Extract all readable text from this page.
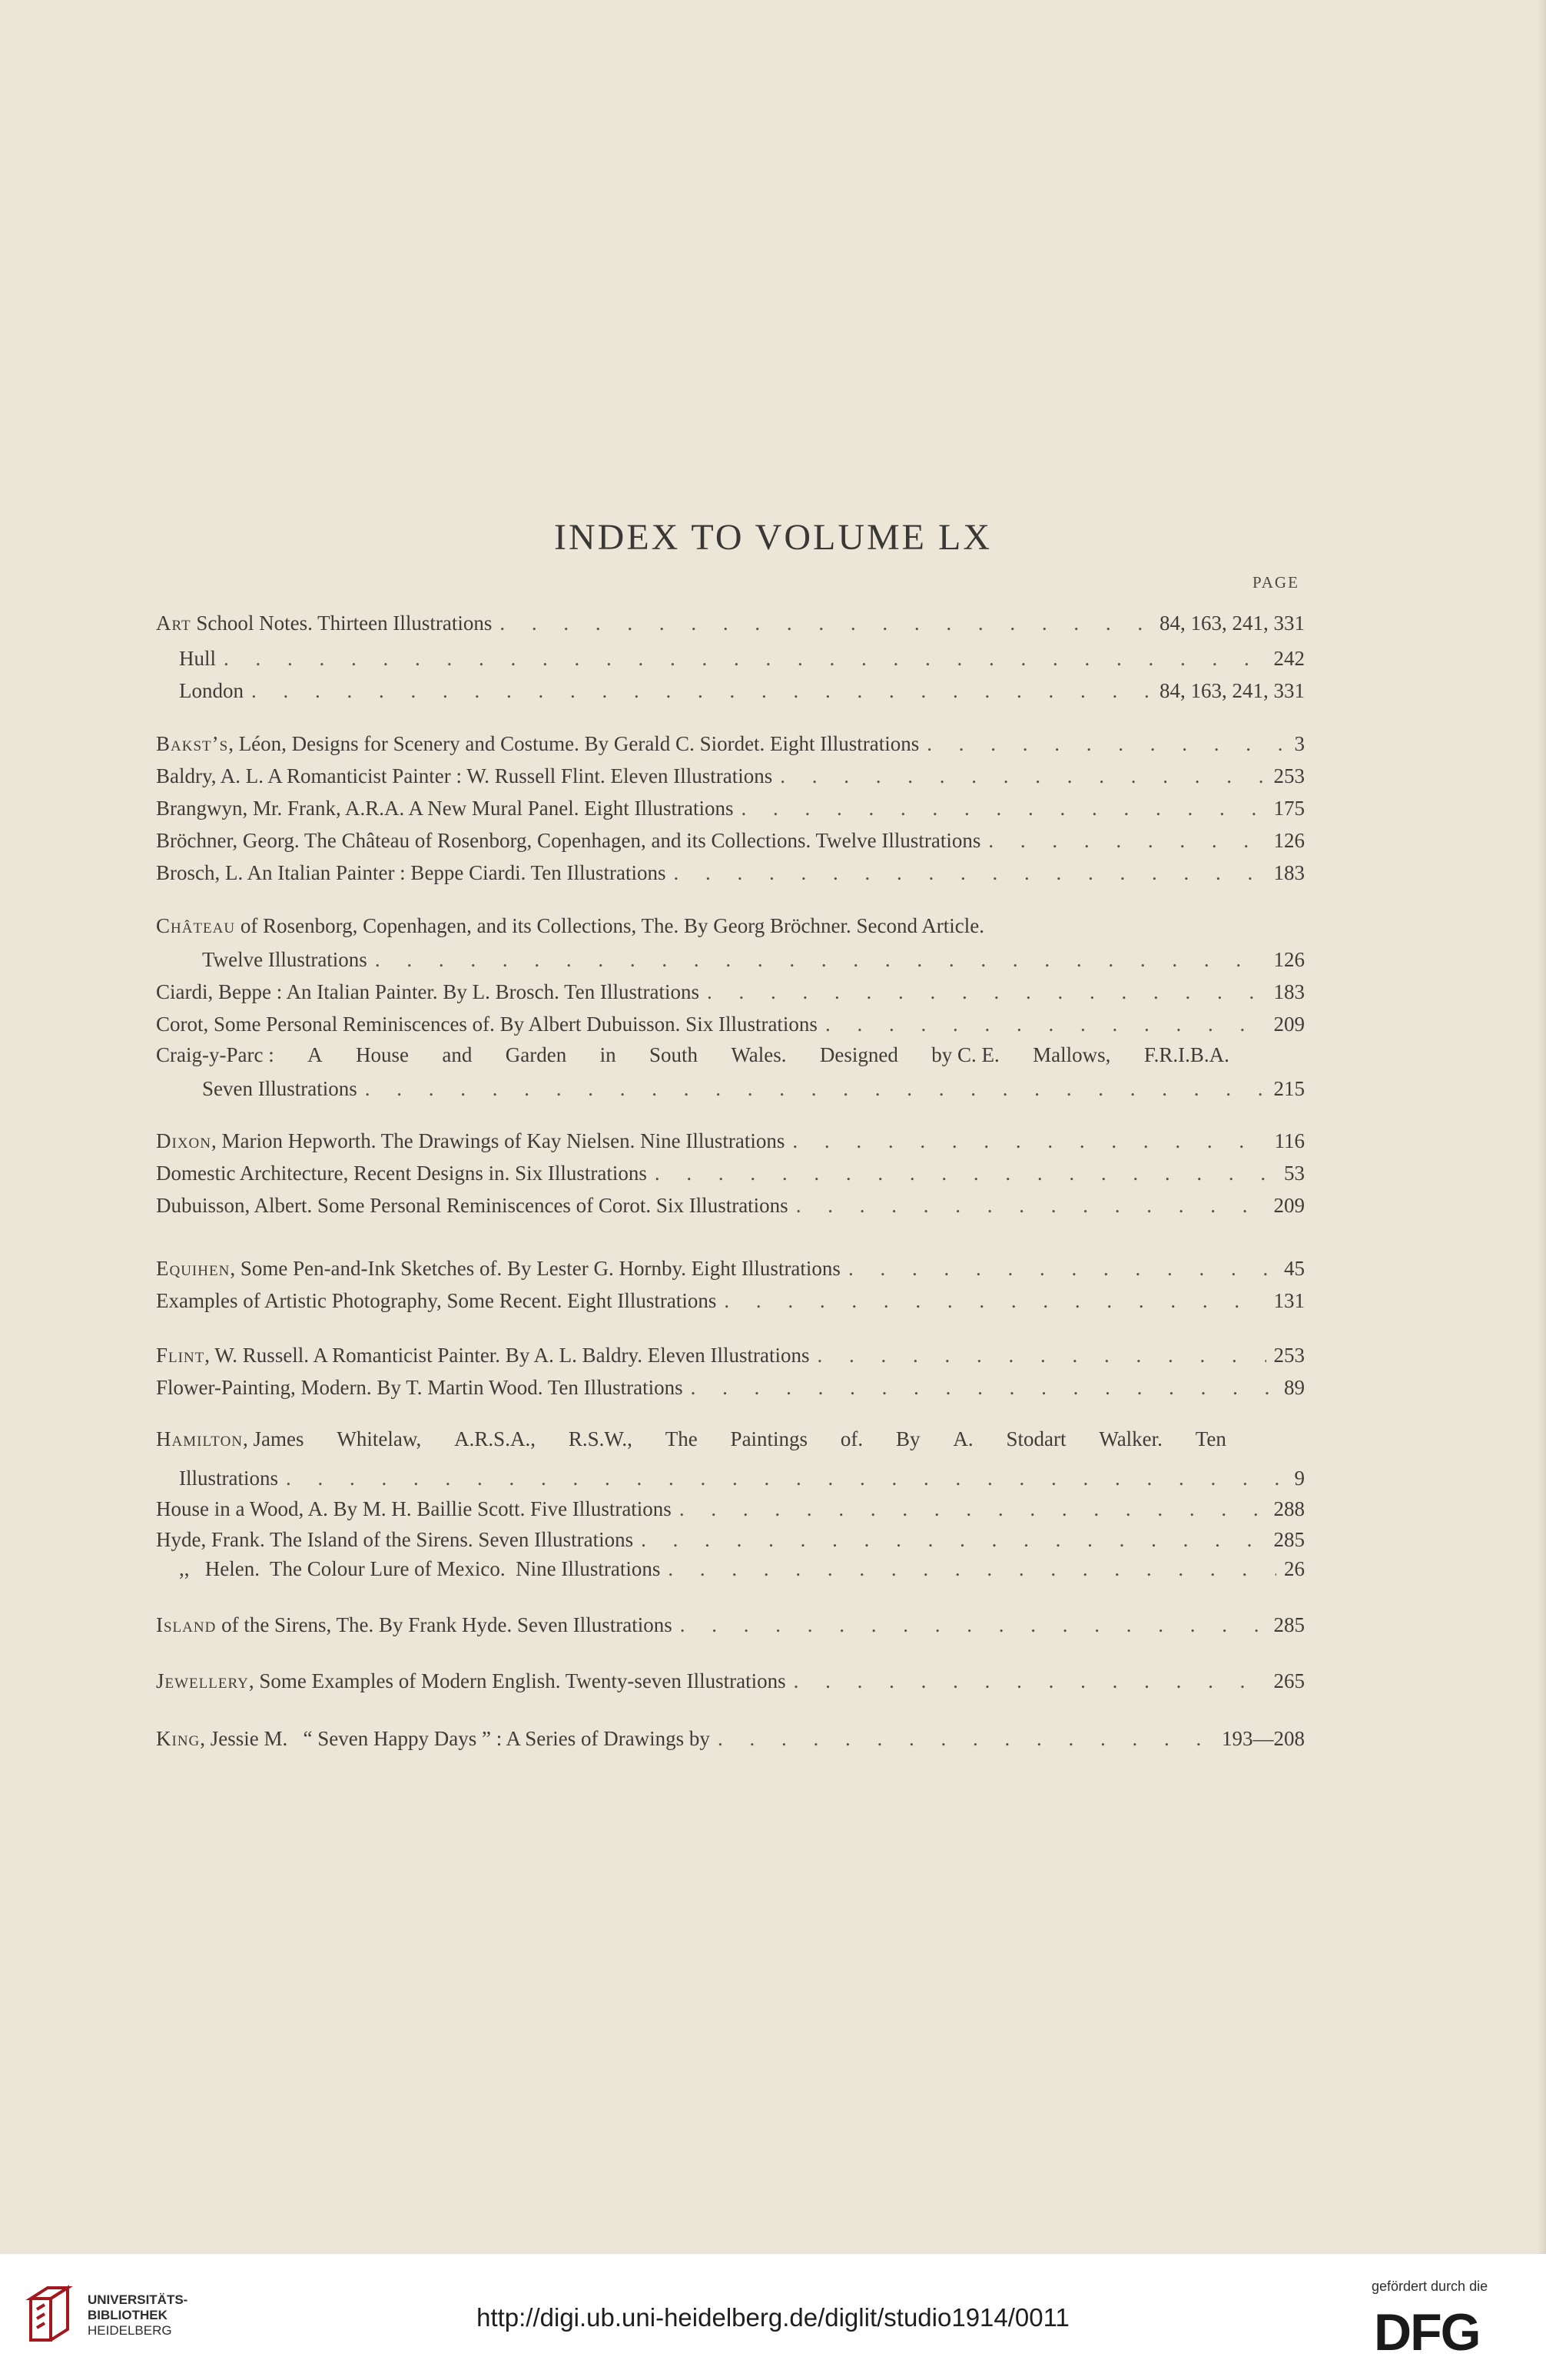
INDEX TO VOLUME LX
PAGE
Art School Notes. Thirteen Illustrations . . .	84, 163, 241, 331
Hull . . .	242
London . . .	84, 163, 241, 331
Bakst’s, Léon, Designs for Scenery and Costume. By Gerald C. Siordet. Eight Illustrations . . .	3
Baldry, A. L. A Romanticist Painter : W. Russell Flint. Eleven Illustrations . . .	253
Brangwyn, Mr. Frank, A.R.A. A New Mural Panel. Eight Illustrations . . .	175
Bröchner, Georg. The Château of Rosenborg, Copenhagen, and its Collections. Twelve Illustrations . . .	126
Brosch, L. An Italian Painter : Beppe Ciardi. Ten Illustrations . . .	183
Château of Rosenborg, Copenhagen, and its Collections, The. By Georg Bröchner. Second Article.
Twelve Illustrations . . .	126
Ciardi, Beppe : An Italian Painter. By L. Brosch. Ten Illustrations . . .	183
Corot, Some Personal Reminiscences of. By Albert Dubuisson. Six Illustrations . . .	209
Craig-y-Parc : A House and Garden in South Wales. Designed by C. E. Mallows, F.R.I.B.A.
Seven Illustrations . . .	215
Dixon, Marion Hepworth. The Drawings of Kay Nielsen. Nine Illustrations . . .	116
Domestic Architecture, Recent Designs in. Six Illustrations . . .	53
Dubuisson, Albert. Some Personal Reminiscences of Corot. Six Illustrations . . .	209
Equihen, Some Pen-and-Ink Sketches of. By Lester G. Hornby. Eight Illustrations . . .	45
Examples of Artistic Photography, Some Recent. Eight Illustrations . . .	131
Flint, W. Russell. A Romanticist Painter. By A. L. Baldry. Eleven Illustrations . . .	253
Flower-Painting, Modern. By T. Martin Wood. Ten Illustrations . . .	89
Hamilton, James Whitelaw, A.R.S.A., R.S.W., The Paintings of. By A. Stodart Walker. Ten
Illustrations . . .	9
House in a Wood, A. By M. H. Baillie Scott. Five Illustrations . . .	288
Hyde, Frank. The Island of the Sirens. Seven Illustrations . . .	285
,,   Helen.  The Colour Lure of Mexico.  Nine Illustrations . . .	26
Island of the Sirens, The. By Frank Hyde. Seven Illustrations . . .	285
Jewellery, Some Examples of Modern English. Twenty-seven Illustrations . . .	265
King, Jessie M.   “ Seven Happy Days ” : A Series of Drawings by . . .	193—208
UNIVERSITÄTS-
BIBLIOTHEK
HEIDELBERG	http://digi.ub.uni-heidelberg.de/diglit/studio1914/0011
gefördert durch die
DFG
